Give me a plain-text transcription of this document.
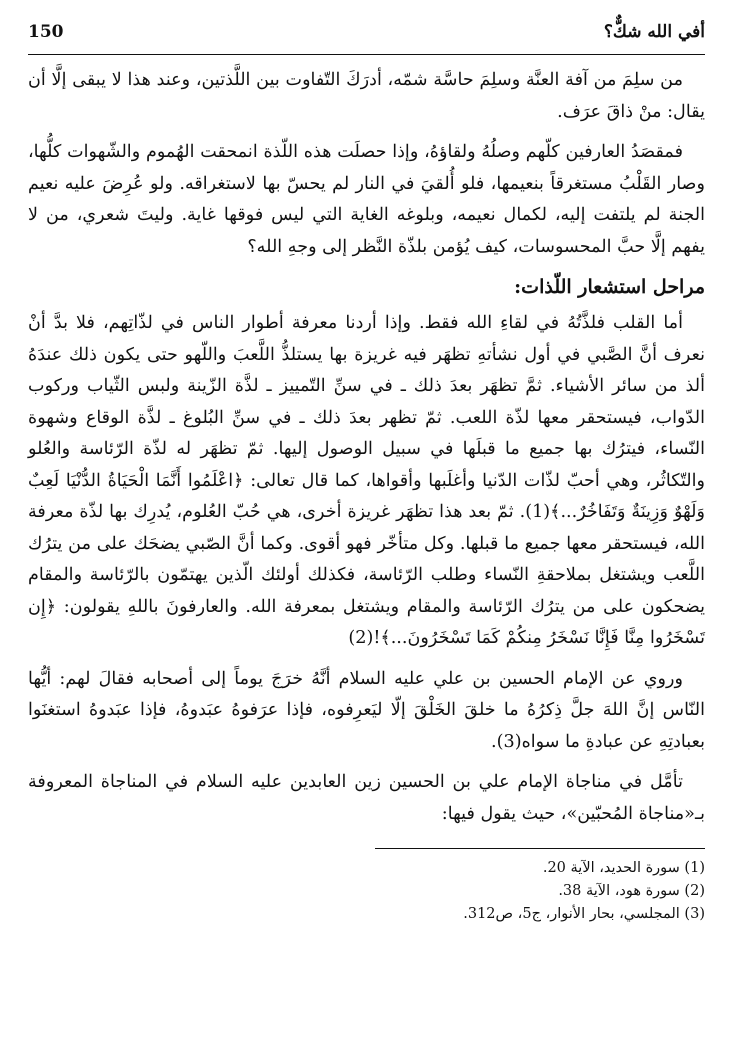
أفي الله شكٌّ؟
150

من سلِمَ من آفة العنَّة وسلِمَ حاسَّة شمّه، أدرَكَ التّفاوت بين اللَّذتين، وعند هذا لا يبقى إلَّا أن يقال: منْ ذاقَ عرَف.

فمقصَدُ العارفين كلّهم وصلُهُ ولقاؤهُ، وإذا حصلَت هذه اللّذة انمحقت الهُموم والشّهوات كلُّها، وصار القَلْبُ مستغرقاً بنعيمها، فلو أُلقيَ في النار لم يحسّ بها لاستغراقه. ولو عُرِضَ عليه نعيم الجنة لم يلتفت إليه، لكمال نعيمه، وبلوغه الغاية التي ليس فوقها غاية. وليتَ شعري، من لا يفهم إلَّا حبَّ المحسوسات، كيف يُؤمن بلذّة النَّظر إلى وجهِ الله؟

مراحل استشعار اللّذات:

أما القلب فلذَّتُهُ في لقاءِ الله فقط. وإذا أردنا معرفة أطوار الناس في لذّاتِهم، فلا بدَّ أنْ نعرف أنَّ الصَّبي في أول نشأتهِ تظهَر فيه غريزة بها يستلذُّ اللَّعبَ واللّهو حتى يكون ذلك عندَهُ ألذ من سائر الأشياء. ثمَّ تظهَر بعدَ ذلك ـ في سنِّ التّمييز ـ لذَّة الزّينة ولبس الثّياب وركوب الدّواب، فيستحقر معها لذّة اللعب. ثمّ تظهر بعدَ ذلك ـ في سنِّ البُلوغ ـ لذَّة الوقاع وشهوة النّساء، فيترُك بها جميع ما قبلَها في سبيل الوصول إليها. ثمّ تظهَر له لذّة الرّئاسة والعُلو والتّكاثُر، وهي أحبّ لذّات الدّنيا وأغلَبها وأقواها، كما قال تعالى: ﴿اعْلَمُوا أَنَّمَا الْحَيَاةُ الدُّنْيَا لَعِبٌ وَلَهْوٌ وَزِينَةٌ وَتَفَاخُرٌ...﴾(1). ثمّ بعد هذا تظهَر غريزة أخرى، هي حُبّ العُلوم، يُدرِك بها لذّة معرفة الله، فيستحقر معها جميع ما قبلها. وكل متأخّر فهو أقوى. وكما أنَّ الصّبي يضحَك على من يترُك اللَّعب ويشتغل بملاحقةِ النّساء وطلب الرّئاسة، فكذلك أولئك الّذين يهتمّون بالرّئاسة والمقام يضحكون على من يترُك الرّئاسة والمقام ويشتغل بمعرفة الله. والعارفونَ باللهِ يقولون: ﴿إِن تَسْخَرُوا مِنَّا فَإِنَّا نَسْخَرُ مِنكُمْ كَمَا تَسْخَرُونَ...﴾!(2)

وروي عن الإمام الحسين بن علي عليه السلام أنَّهُ خرَجَ يوماً إلى أصحابه فقالَ لهم: أيُّها النّاس إنَّ اللهَ جلَّ ذِكرُهُ ما خلقَ الخَلْقَ إلّا ليَعرِفوه، فإذا عرَفوهُ عبَدوهُ، فإذا عبَدوهُ استغنَوا بعبادتِهِ عن عبادةِ ما سواه(3).

تأمَّل في مناجاة الإمام علي بن الحسين زين العابدين عليه السلام في المناجاة المعروفة بـ«مناجاة المُحبّين»، حيث يقول فيها:

(1) سورة الحديد، الآية 20.

(2) سورة هود، الآية 38.

(3) المجلسي، بحار الأنوار، ج5، ص312.
